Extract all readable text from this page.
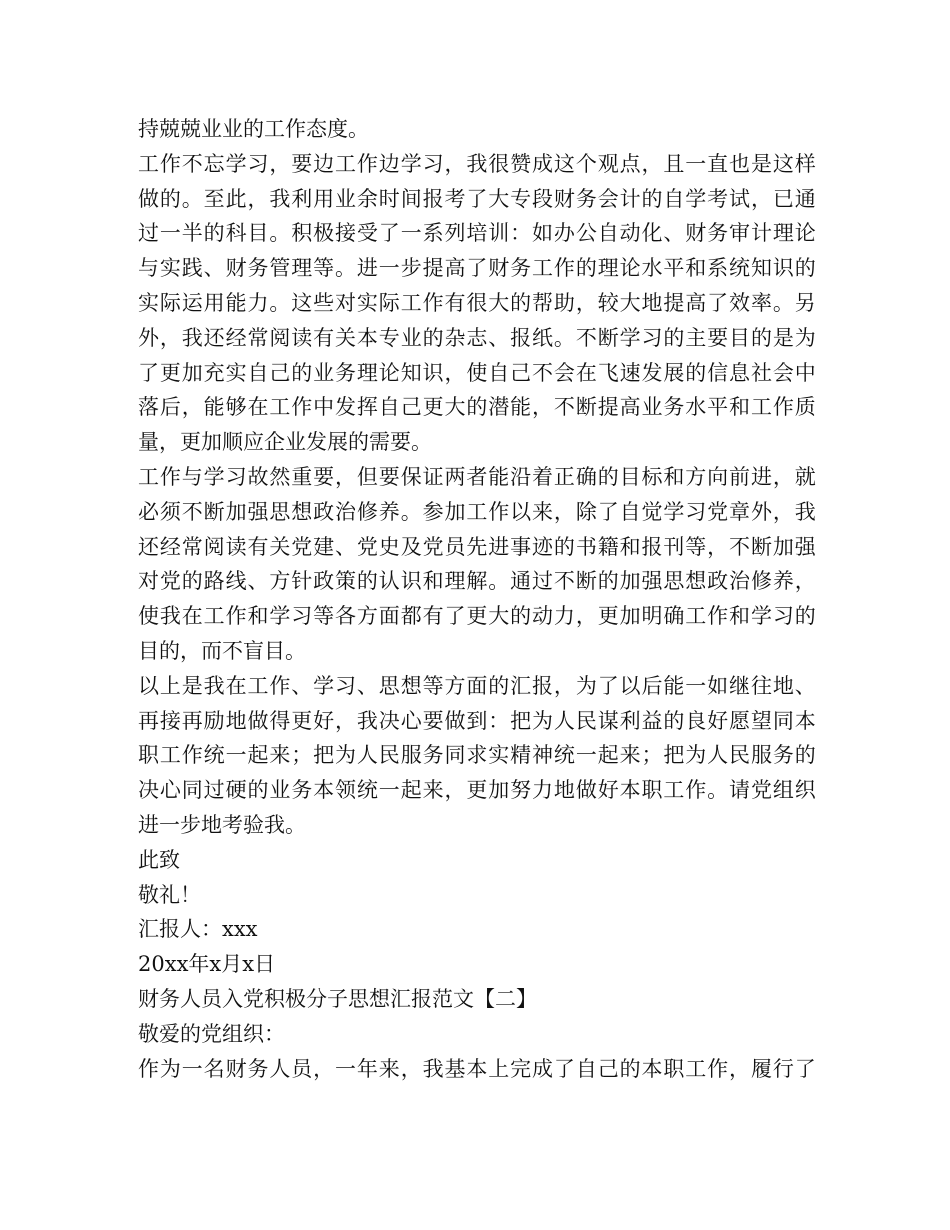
持兢兢业业的工作态度。
工 作 不 忘 学 习 ， 要 边 工 作 边 学 习 ， 我 很 赞 成 这 个 观 点 ， 且 一 直 也 是 这 样
做 的 。 至 此 ， 我 利 用 业 余 时 间 报 考 了 大 专 段 财 务 会 计 的 自 学 考 试 ， 已 通
过 一 半 的 科 目 。 积 极 接 受 了 一 系 列 培 训 ： 如 办 公 自 动 化 、 财 务 审 计 理 论
与 实 践 、 财 务 管 理 等 。 进 一 步 提 高 了 财 务 工 作 的 理 论 水 平 和 系 统 知 识 的
实 际 运 用 能 力 。 这 些 对 实 际 工 作 有 很 大 的 帮 助 ， 较 大 地 提 高 了 效 率 。 另
外 ， 我 还 经 常 阅 读 有 关 本 专 业 的 杂 志 、 报 纸 。 不 断 学 习 的 主 要 目 的 是 为
了 更 加 充 实 自 己 的 业 务 理 论 知 识 ， 使 自 己 不 会 在 飞 速 发 展 的 信 息 社 会 中
落 后 ， 能 够 在 工 作 中 发 挥 自 己 更 大 的 潜 能 ， 不 断 提 高 业 务 水 平 和 工 作 质
量，更加顺应企业发展的需要。
工 作 与 学 习 故 然 重 要 ， 但 要 保 证 两 者 能 沿 着 正 确 的 目 标 和 方 向 前 进 ， 就
必 须 不 断 加 强 思 想 政 治 修 养 。 参 加 工 作 以 来 ， 除 了 自 觉 学 习 党 章 外 ， 我
还 经 常 阅 读 有 关 党 建 、 党 史 及 党 员 先 进 事 迹 的 书 籍 和 报 刊 等 ， 不 断 加 强
对 党 的 路 线 、 方 针 政 策 的 认 识 和 理 解 。 通 过 不 断 的 加 强 思 想 政 治 修 养 ，
使 我 在 工 作 和 学 习 等 各 方 面 都 有 了 更 大 的 动 力 ， 更 加 明 确 工 作 和 学 习 的
目的，而不盲目。
以 上 是 我 在 工 作 、 学 习 、 思 想 等 方 面 的 汇 报 ， 为 了 以 后 能 一 如 继 往 地 、
再 接 再 励 地 做 得 更 好 ， 我 决 心 要 做 到 ： 把 为 人 民 谋 利 益 的 良 好 愿 望 同 本
职 工 作 统 一 起 来 ； 把 为 人 民 服 务 同 求 实 精 神 统 一 起 来 ； 把 为 人 民 服 务 的
决 心 同 过 硬 的 业 务 本 领 统 一 起 来 ， 更 加 努 力 地 做 好 本 职 工 作 。 请 党 组 织
进一步地考验我。
此致
敬礼！
汇报人：xxx
20xx年x月x日
财务人员入党积极分子思想汇报范文【二】
敬爱的党组织：
作 为 一 名 财 务 人 员 ， 一 年 来 ， 我 基 本 上 完 成 了 自 己 的 本 职 工 作 ， 履 行 了
